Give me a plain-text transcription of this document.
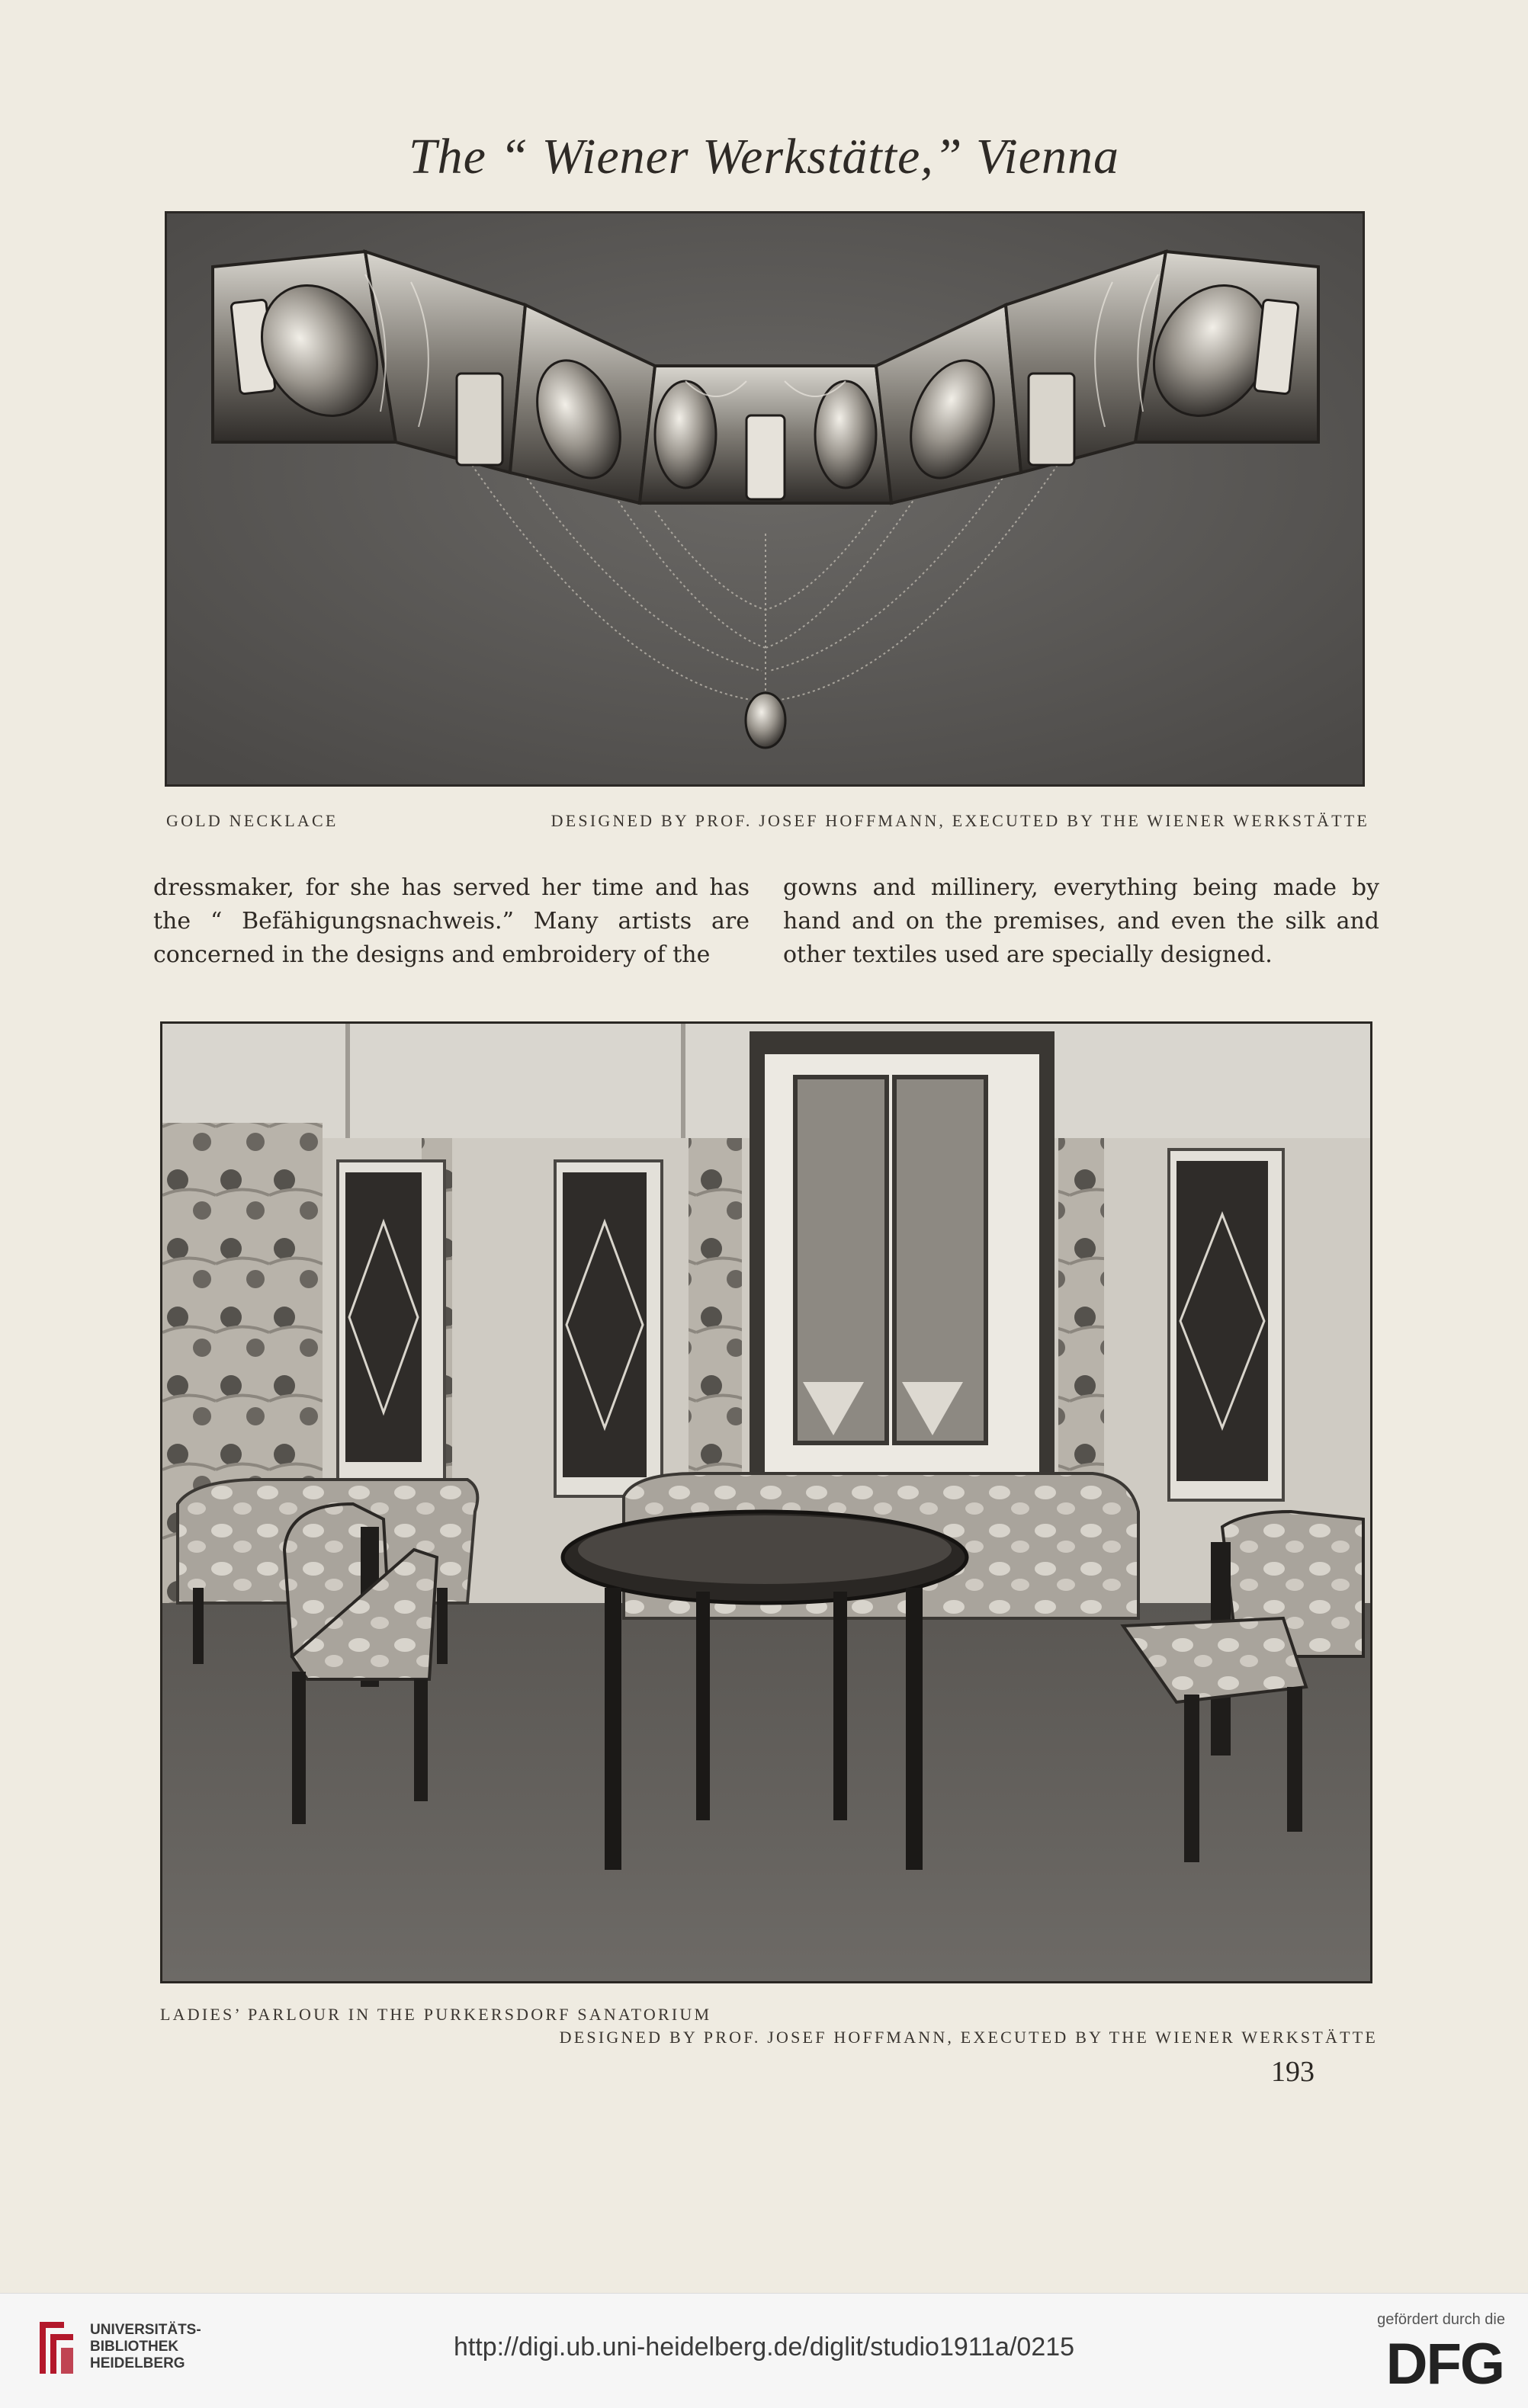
The “ Wiener Werkstätte,” Vienna
GOLD NECKLACE	DESIGNED BY PROF. JOSEF HOFFMANN, EXECUTED BY THE WIENER WERKSTÄTTE
dressmaker, for she has served her time and has the “ Befähigungsnachweis.” Many artists are concerned in the designs and embroidery of the
gowns and millinery, everything being made by hand and on the premises, and even the silk and other textiles used are specially designed.
LADIES’ PARLOUR IN THE PURKERSDORF SANATORIUM
DESIGNED BY PROF. JOSEF HOFFMANN, EXECUTED BY THE WIENER WERKSTÄTTE
193
UNIVERSITÄTS-
BIBLIOTHEK
HEIDELBERG
http://digi.ub.uni-heidelberg.de/diglit/studio1911a/0215
gefördert durch die
DFG
